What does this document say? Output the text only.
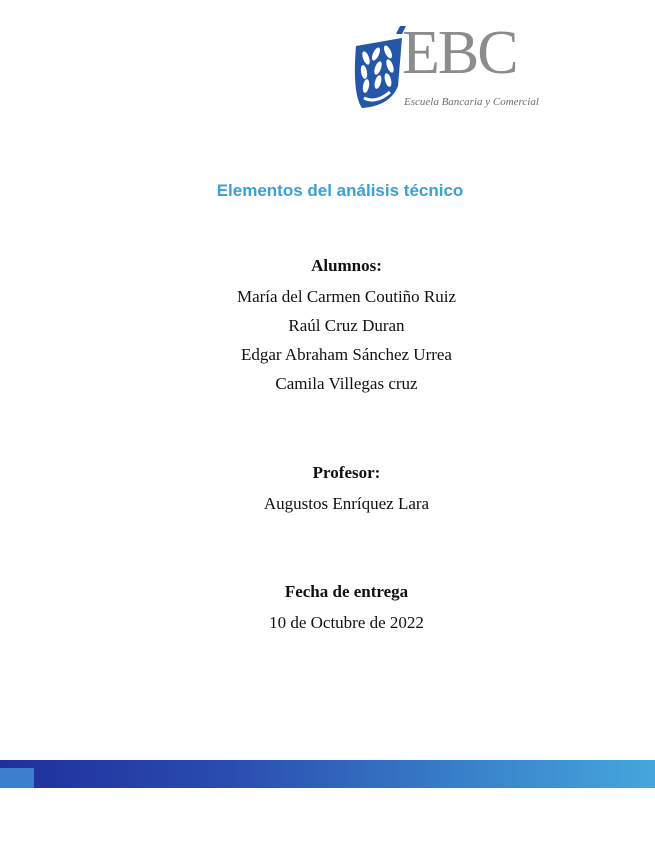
EBC
Escuela Bancaria y Comercial
Elementos del análisis técnico
Alumnos:
María del Carmen Coutiño Ruiz
Raúl Cruz Duran
Edgar Abraham Sánchez Urrea
Camila Villegas cruz
Profesor:
Augustos Enríquez Lara
Fecha de entrega
10 de Octubre de 2022
